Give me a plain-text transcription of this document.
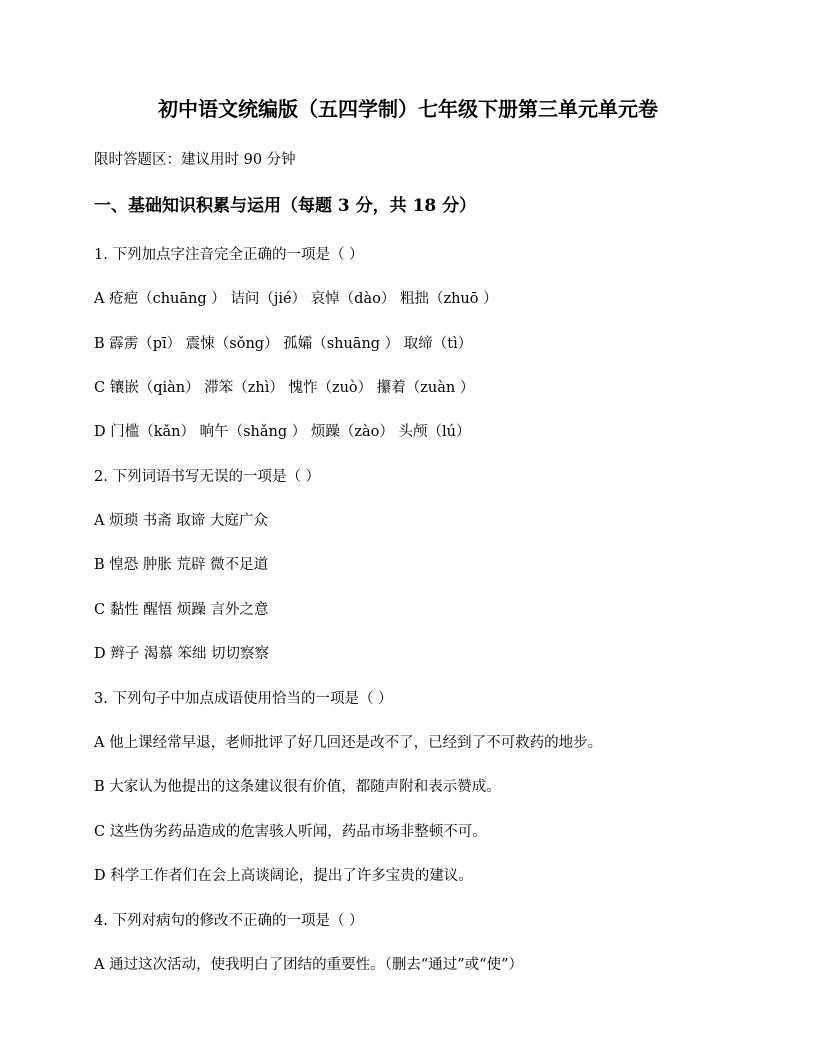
初中语文统编版（五四学制）七年级下册第三单元单元卷
限时答题区：建议用时 90 分钟
一、基础知识积累与运用（每题 3 分，共 18 分）
1. 下列加点字注音完全正确的一项是（ ）
A 疮疤（chuāng ） 诘问（jié） 哀悼（dào） 粗拙（zhuō ）
B 霹雳（pī） 震悚（sǒng） 孤孀（shuāng ） 取缔（tì）
C 镶嵌（qiàn） 滞笨（zhì） 愧怍（zuò） 攥着（zuàn ）
D 门槛（kǎn） 晌午（shǎng ） 烦躁（zào） 头颅（lú）
2. 下列词语书写无误的一项是（ ）
A 烦琐 书斋 取谛 大庭广众
B 惶恐 肿胀 荒辟 微不足道
C 黏性 醒悟 烦躁 言外之意
D 辫子 渴慕 笨绌 切切察察
3. 下列句子中加点成语使用恰当的一项是（ ）
A 他上课经常早退，老师批评了好几回还是改不了，已经到了不可救药的地步。
B 大家认为他提出的这条建议很有价值，都随声附和表示赞成。
C 这些伪劣药品造成的危害骇人听闻，药品市场非整顿不可。
D 科学工作者们在会上高谈阔论，提出了许多宝贵的建议。
4. 下列对病句的修改不正确的一项是（ ）
A 通过这次活动，使我明白了团结的重要性。（删去“通过”或“使”）
